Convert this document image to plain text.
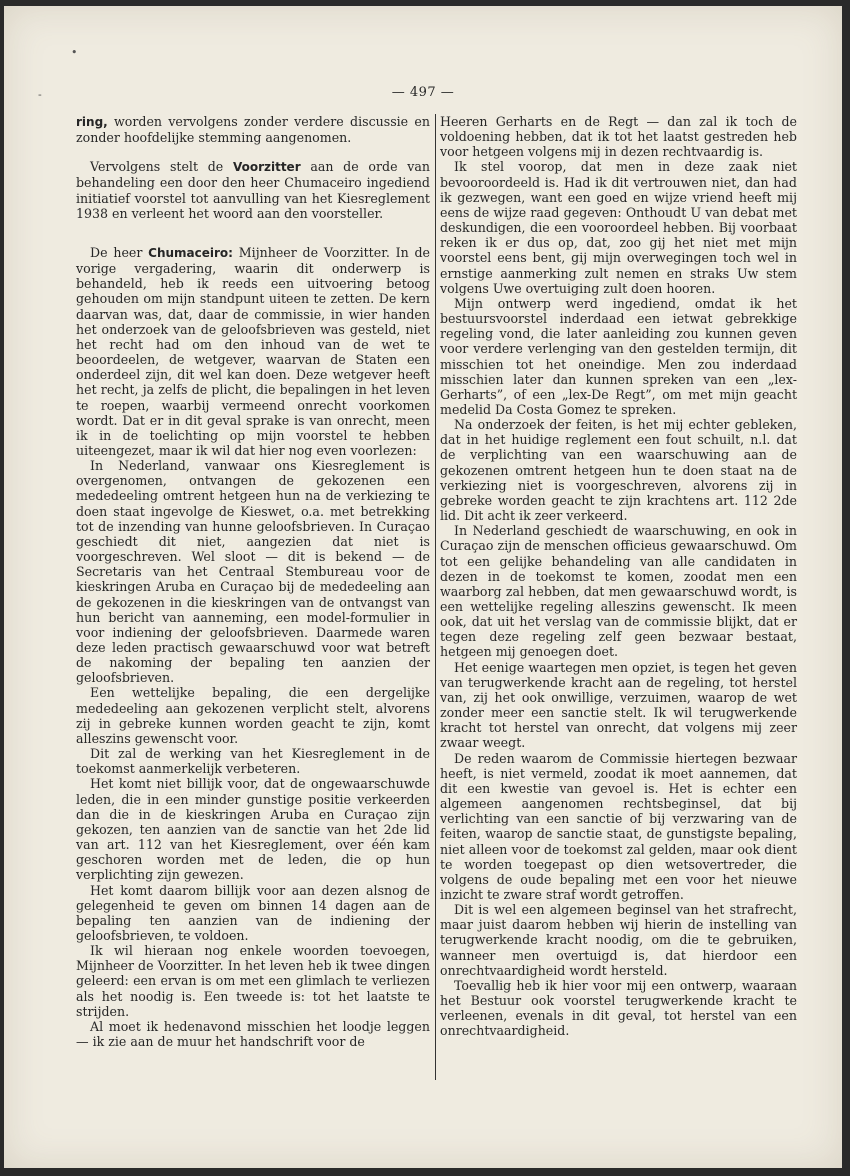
•
-	— 497 —

ring, worden vervolgens zonder verdere discussie en zonder hoofdelijke stemming aangenomen.

Vervolgens stelt de Voorzitter aan de orde van behandeling een door den heer Chumaceiro ingediend initiatief voorstel tot aanvulling van het Kiesreglement 1938 en verleent het woord aan den voorsteller.

De heer Chumaceiro: Mijnheer de Voorzitter. In de vorige vergadering, waarin dit onderwerp is behandeld, heb ik reeds een uitvoering betoog gehouden om mijn standpunt uiteen te zetten. De kern daarvan was, dat, daar de commissie, in wier handen het onderzoek van de geloofsbrieven was gesteld, niet het recht had om den inhoud van de wet te beoordeelen, de wetgever, waarvan de Staten een onderdeel zijn, dit wel kan doen. Deze wetgever heeft het recht, ja zelfs de plicht, die bepalingen in het leven te roepen, waarbij vermeend onrecht voorkomen wordt. Dat er in dit geval sprake is van onrecht, meen ik in de toelichting op mijn voorstel te hebben uiteengezet, maar ik wil dat hier nog even voorlezen:

In Nederland, vanwaar ons Kiesreglement is overgenomen, ontvangen de gekozenen een mededeeling omtrent hetgeen hun na de verkiezing te doen staat ingevolge de Kieswet, o.a. met betrekking tot de inzending van hunne geloofsbrieven. In Curaçao geschiedt dit niet, aangezien dat niet is voorgeschreven. Wel sloot — dit is bekend — de Secretaris van het Centraal Stembureau voor de kieskringen Aruba en Curaçao bij de mededeeling aan de gekozenen in die kieskringen van de ontvangst van hun bericht van aanneming, een model-formulier in voor indiening der geloofsbrieven. Daarmede waren deze leden practisch gewaarschuwd voor wat betreft de nakoming der bepaling ten aanzien der geloofsbrieven.

Een wettelijke bepaling, die een dergelijke mededeeling aan gekozenen verplicht stelt, alvorens zij in gebreke kunnen worden geacht te zijn, komt alleszins gewenscht voor.

Dit zal de werking van het Kiesreglement in de toekomst aanmerkelijk verbeteren.

Het komt niet billijk voor, dat de ongewaarschuwde leden, die in een minder gunstige positie verkeerden dan die in de kieskringen Aruba en Curaçao zijn gekozen, ten aanzien van de sanctie van het 2de lid van art. 112 van het Kiesreglement, over één kam geschoren worden met de leden, die op hun verplichting zijn gewezen.

Het komt daarom billijk voor aan dezen alsnog de gelegenheid te geven om binnen 14 dagen aan de bepaling ten aanzien van de indiening der geloofsbrieven, te voldoen.

Ik wil hieraan nog enkele woorden toevoegen, Mijnheer de Voorzitter. In het leven heb ik twee dingen geleerd: een ervan is om met een glimlach te verliezen als het noodig is. Een tweede is: tot het laatste te strijden.

Al moet ik hedenavond misschien het loodje leggen — ik zie aan de muur het handschrift voor de

Heeren Gerharts en de Regt — dan zal ik toch de voldoening hebben, dat ik tot het laatst gestreden heb voor hetgeen volgens mij in dezen rechtvaardig is.

Ik stel voorop, dat men in deze zaak niet bevooroordeeld is. Had ik dit vertrouwen niet, dan had ik gezwegen, want een goed en wijze vriend heeft mij eens de wijze raad gegeven: Onthoudt U van debat met deskundigen, die een vooroordeel hebben. Bij voorbaat reken ik er dus op, dat, zoo gij het niet met mijn voorstel eens bent, gij mijn overwegingen toch wel in ernstige aanmerking zult nemen en straks Uw stem volgens Uwe overtuiging zult doen hooren.

Mijn ontwerp werd ingediend, omdat ik het bestuursvoorstel inderdaad een ietwat gebrekkige regeling vond, die later aanleiding zou kunnen geven voor verdere verlenging van den gestelden termijn, dit misschien tot het oneindige. Men zou inderdaad misschien later dan kunnen spreken van een „lex-Gerharts”, of een „lex-De Regt”, om met mijn geacht medelid Da Costa Gomez te spreken.

Na onderzoek der feiten, is het mij echter gebleken, dat in het huidige reglement een fout schuilt, n.l. dat de verplichting van een waarschuwing aan de gekozenen omtrent hetgeen hun te doen staat na de verkiezing niet is voorgeschreven, alvorens zij in gebreke worden geacht te zijn krachtens art. 112 2de lid. Dit acht ik zeer verkeerd.

In Nederland geschiedt de waarschuwing, en ook in Curaçao zijn de menschen officieus gewaarschuwd. Om tot een gelijke behandeling van alle candidaten in dezen in de toekomst te komen, zoodat men een waarborg zal hebben, dat men gewaarschuwd wordt, is een wettelijke regeling alleszins gewenscht. Ik meen ook, dat uit het verslag van de commissie blijkt, dat er tegen deze regeling zelf geen bezwaar bestaat, hetgeen mij genoegen doet.

Het eenige waartegen men opziet, is tegen het geven van terugwerkende kracht aan de regeling, tot herstel van, zij het ook onwillige, verzuimen, waarop de wet zonder meer een sanctie stelt. Ik wil terugwerkende kracht tot herstel van onrecht, dat volgens mij zeer zwaar weegt.

De reden waarom de Commissie hiertegen bezwaar heeft, is niet vermeld, zoodat ik moet aannemen, dat dit een kwestie van gevoel is. Het is echter een algemeen aangenomen rechtsbeginsel, dat bij verlichting van een sanctie of bij verzwaring van de feiten, waarop de sanctie staat, de gunstigste bepaling, niet alleen voor de toekomst zal gelden, maar ook dient te worden toegepast op dien wetsovertreder, die volgens de oude bepaling met een voor het nieuwe inzicht te zware straf wordt getroffen.

Dit is wel een algemeen beginsel van het strafrecht, maar juist daarom hebben wij hierin de instelling van terugwerkende kracht noodig, om die te gebruiken, wanneer men overtuigd is, dat hierdoor een onrechtvaardigheid wordt hersteld.

Toevallig heb ik hier voor mij een ontwerp, waaraan het Bestuur ook voorstel terugwerkende kracht te verleenen, evenals in dit geval, tot herstel van een onrechtvaardigheid.
